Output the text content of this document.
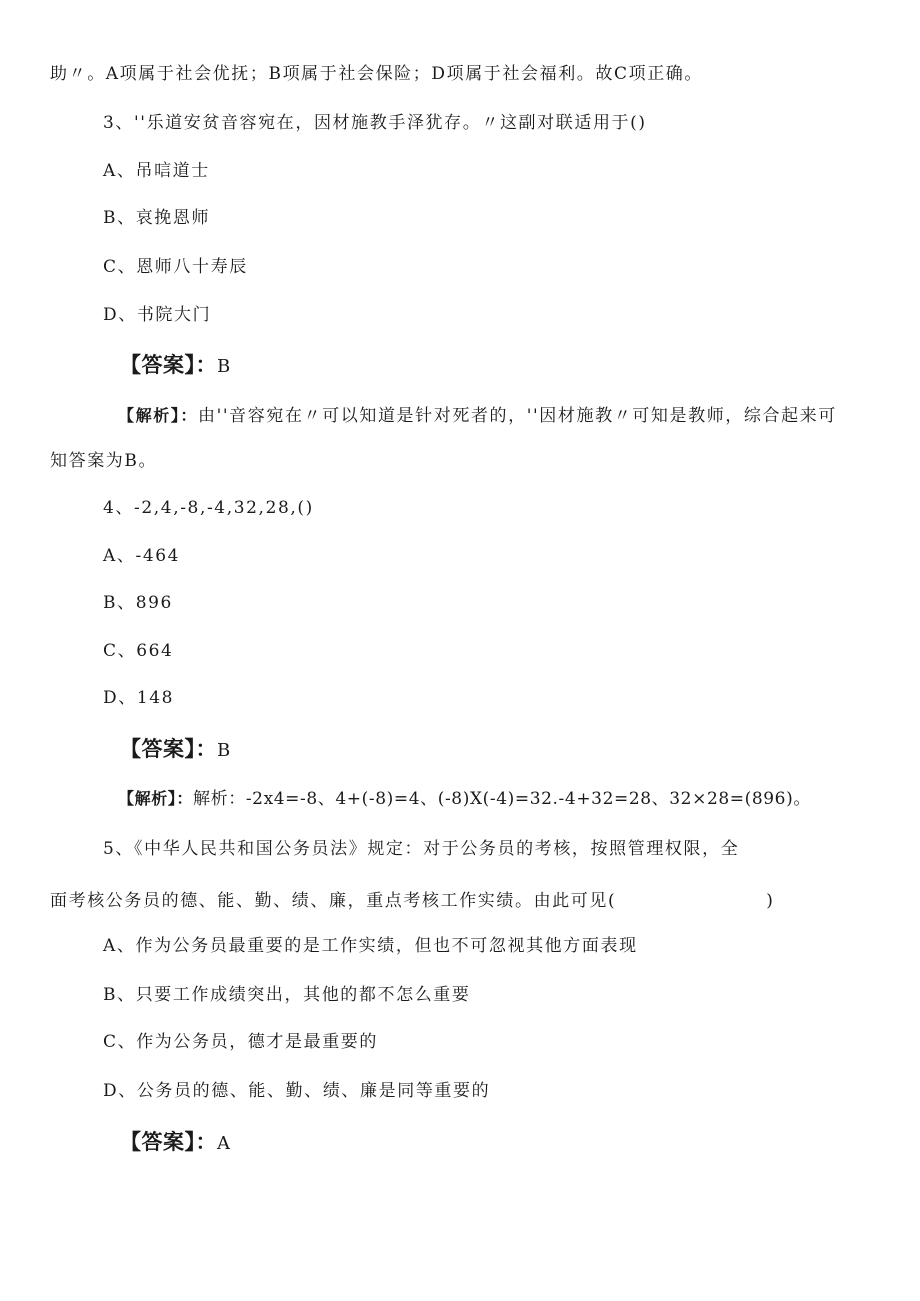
助〃。A项属于社会优抚；B项属于社会保险；D项属于社会福利。故C项正确。
3、''乐道安贫音容宛在，因材施教手泽犹存。〃这副对联适用于()
A、吊唁道士
B、哀挽恩师
C、恩师八十寿辰
D、书院大门
【答案】：B
【解析】：由''音容宛在〃可以知道是针对死者的，''因材施教〃可知是教师，综合起来可
知答案为B。
4、-2,4,-8,-4,32,28,()
A、-464
B、896
C、664
D、148
【答案】：B
【解析】：解析：-2x4=-8、4+(-8)=4、(-8)X(-4)=32.-4+32=28、32×28=(896)。
5、《中华人民共和国公务员法》规定：对于公务员的考核，按照管理权限，全
面考核公务员的德、能、勤、绩、廉，重点考核工作实绩。由此可见(	)
A、作为公务员最重要的是工作实绩，但也不可忽视其他方面表现
B、只要工作成绩突出，其他的都不怎么重要
C、作为公务员，德才是最重要的
D、公务员的德、能、勤、绩、廉是同等重要的
【答案】：A
